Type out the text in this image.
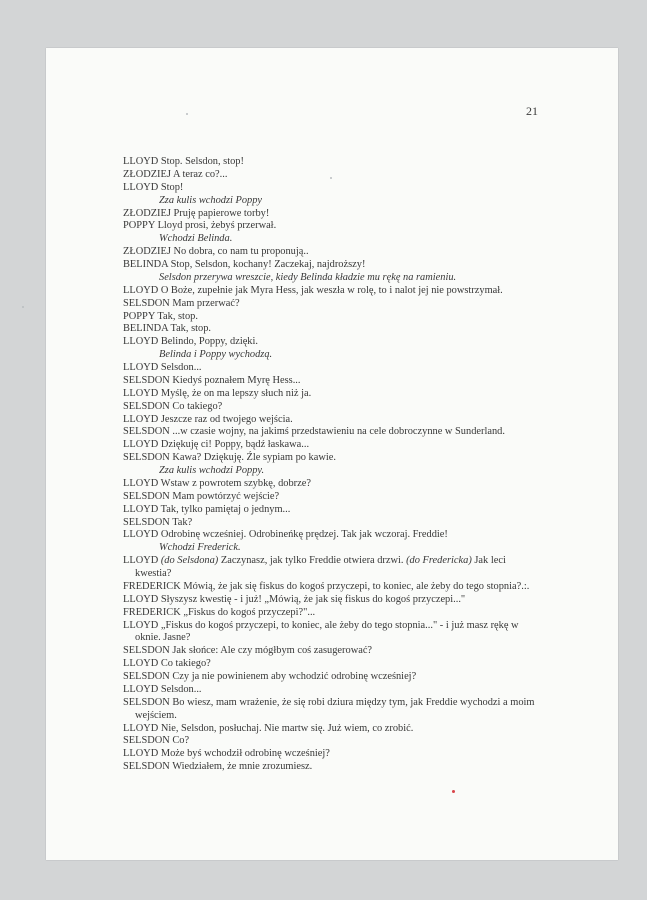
21

LLOYD Stop. Selsdon, stop!

ZŁODZIEJ A teraz co?...

LLOYD Stop!

Zza kulis wchodzi Poppy

ZŁODZIEJ Pruję papierowe torby!

POPPY Lloyd prosi, żebyś przerwał.

Wchodzi Belinda.

ZŁODZIEJ No dobra, co nam tu proponują..

BELINDA Stop, Selsdon, kochany! Zaczekaj, najdroższy!

Selsdon przerywa wreszcie, kiedy Belinda kładzie mu rękę na ramieniu.

LLOYD O Boże, zupełnie jak Myra Hess, jak weszła w rolę, to i nalot jej nie powstrzymał.

SELSDON Mam przerwać?

POPPY Tak, stop.

BELINDA Tak, stop.

LLOYD Belindo, Poppy, dzięki.

Belinda i Poppy wychodzą.

LLOYD Selsdon...

SELSDON Kiedyś poznałem Myrę Hess...

LLOYD Myślę, że on ma lepszy słuch niż ja.

SELSDON Co takiego?

LLOYD Jeszcze raz od twojego wejścia.

SELSDON ...w czasie wojny, na jakimś przedstawieniu na cele dobroczynne w Sunderland.

LLOYD Dziękuję ci! Poppy, bądź łaskawa...

SELSDON Kawa? Dziękuję. Źle sypiam po kawie.

Zza kulis wchodzi Poppy.

LLOYD Wstaw z powrotem szybkę, dobrze?

SELSDON Mam powtórzyć wejście?

LLOYD Tak, tylko pamiętaj o jednym...

SELSDON Tak?

LLOYD Odrobinę wcześniej. Odrobineńkę prędzej. Tak jak wczoraj. Freddie!

Wchodzi Frederick.

LLOYD (do Selsdona) Zaczynasz, jak tylko Freddie otwiera drzwi. (do Fredericka) Jak leci kwestia?

FREDERICK Mówią, że jak się fiskus do kogoś przyczepi, to koniec, ale żeby do tego stopnia?.:.

LLOYD Słyszysz kwestię - i już! „Mówią, że jak się fiskus do kogoś przyczepi..."

FREDERICK „Fiskus do kogoś przyczepi?"...

LLOYD „Fiskus do kogoś przyczepi, to koniec, ale żeby do tego stopnia..." - i już masz rękę w oknie. Jasne?

SELSDON Jak słońce: Ale czy mógłbym coś zasugerować?

LLOYD Co takiego?

SELSDON Czy ja nie powinienem aby wchodzić odrobinę wcześniej?

LLOYD Selsdon...

SELSDON Bo wiesz, mam wrażenie, że się robi dziura między tym, jak Freddie wychodzi a moim wejściem.

LLOYD Nie, Selsdon, posłuchaj. Nie martw się. Już wiem, co zrobić.

SELSDON Co?

LLOYD Może byś wchodził odrobinę wcześniej?

SELSDON Wiedziałem, że mnie zrozumiesz.
